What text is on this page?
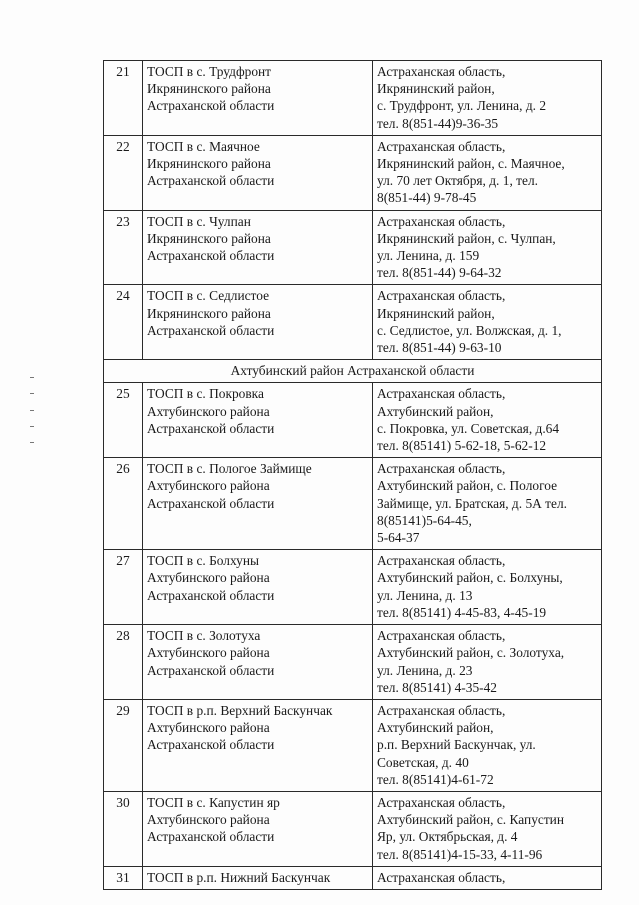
21	ТОСП в с. Трудфронт
Икрянинского района
Астраханской области	Астраханская область,
Икрянинский район,
с. Трудфронт, ул. Ленина, д. 2
тел. 8(851-44)9-36-35

22	ТОСП в с. Маячное
Икрянинского района
Астраханской области	Астраханская область,
Икрянинский район, с. Маячное,
ул. 70 лет Октября, д. 1, тел.
8(851-44) 9-78-45

23	ТОСП в с. Чулпан
Икрянинского района
Астраханской области	Астраханская область,
Икрянинский район, с. Чулпан,
ул. Ленина, д. 159
тел. 8(851-44) 9-64-32

24	ТОСП в с. Седлистое
Икрянинского района
Астраханской области	Астраханская область,
Икрянинский район,
с. Седлистое, ул. Волжская, д. 1,
тел. 8(851-44) 9-63-10

Ахтубинский район Астраханской области		
25	ТОСП в с. Покровка
Ахтубинского района
Астраханской области	Астраханская область,
Ахтубинский район,
с. Покровка, ул. Советская, д.64
тел. 8(85141) 5-62-18, 5-62-12

26	ТОСП в с. Пологое Займище
Ахтубинского района
Астраханской области	Астраханская область,
Ахтубинский район, с. Пологое
Займище, ул. Братская, д. 5А тел.
8(85141)5-64-45,
5-64-37

27	ТОСП в с. Болхуны
Ахтубинского района
Астраханской области	Астраханская область,
Ахтубинский район, с. Болхуны,
ул. Ленина, д. 13
тел. 8(85141) 4-45-83, 4-45-19

28	ТОСП в с. Золотуха
Ахтубинского района
Астраханской области	Астраханская область,
Ахтубинский район, с. Золотуха,
ул. Ленина, д. 23
тел. 8(85141) 4-35-42

29	ТОСП в р.п. Верхний Баскунчак
Ахтубинского района
Астраханской области	Астраханская область,
Ахтубинский район,
р.п. Верхний Баскунчак, ул.
Советская, д. 40
тел. 8(85141)4-61-72

30	ТОСП в с. Капустин яр
Ахтубинского района
Астраханской области	Астраханская область,
Ахтубинский район, с. Капустин
Яр, ул. Октябрьская, д. 4
тел. 8(85141)4-15-33, 4-11-96

31	ТОСП в р.п. Нижний Баскунчак	Астраханская область,
